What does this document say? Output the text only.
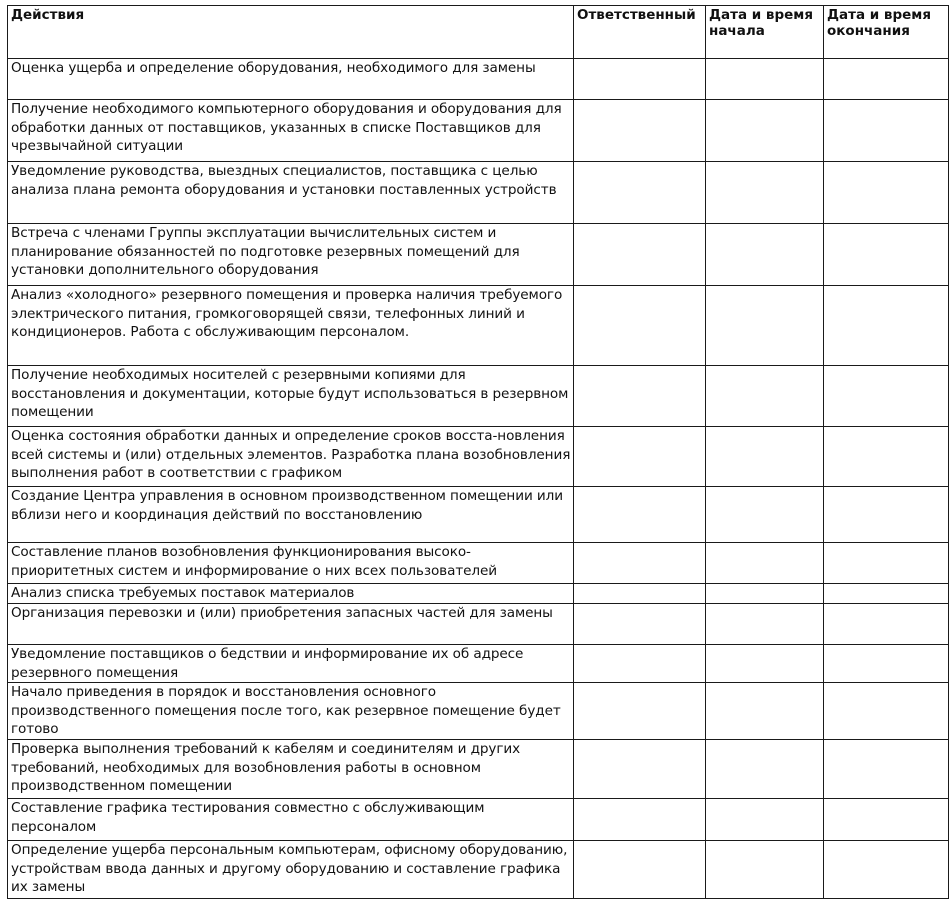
Действия	Ответственный	Дата и время начала	Дата и время окончания
Оценка ущерба и определение оборудования, необходимого для замены			
Получение необходимого компьютерного оборудования и оборудования для обработки данных от поставщиков, указанных в списке Поставщиков для чрезвычайной ситуации			
Уведомление руководства, выездных специалистов, поставщика с целью анализа плана ремонта оборудования и установки поставленных устройств			
Встреча с членами Группы эксплуатации вычислительных систем и планирование обязанностей по подготовке резервных помещений для установки дополнительного оборудования			
Анализ «холодного» резервного помещения и проверка наличия требуемого электрического питания, громкоговорящей связи, телефонных линий и кондиционеров. Работа с обслуживающим персоналом.			
Получение необходимых носителей с резервными копиями для восстановления и документации, которые будут использоваться в резервном помещении			
Оценка состояния обработки данных и определение сроков восста-новления всей системы и (или) отдельных элементов. Разработка плана возобновления выполнения работ в соответствии с графиком			
Создание Центра управления в основном производственном помещении или вблизи него и координация действий по восстановлению			
Составление планов возобновления функционирования высоко-приоритетных систем и информирование о них всех пользователей			
Анализ списка требуемых поставок материалов			
Организация перевозки и (или) приобретения запасных частей для замены			
Уведомление поставщиков о бедствии и информирование их об адресе резервного помещения			
Начало приведения в порядок и восстановления основного производственного помещения после того, как резервное помещение будет готово			
Проверка выполнения требований к кабелям и соединителям и других требований, необходимых для возобновления работы в основном производственном помещении			
Составление графика тестирования совместно с обслуживающим персоналом			
Определение ущерба персональным компьютерам, офисному оборудованию, устройствам ввода данных и другому оборудованию и составление графика их замены			
